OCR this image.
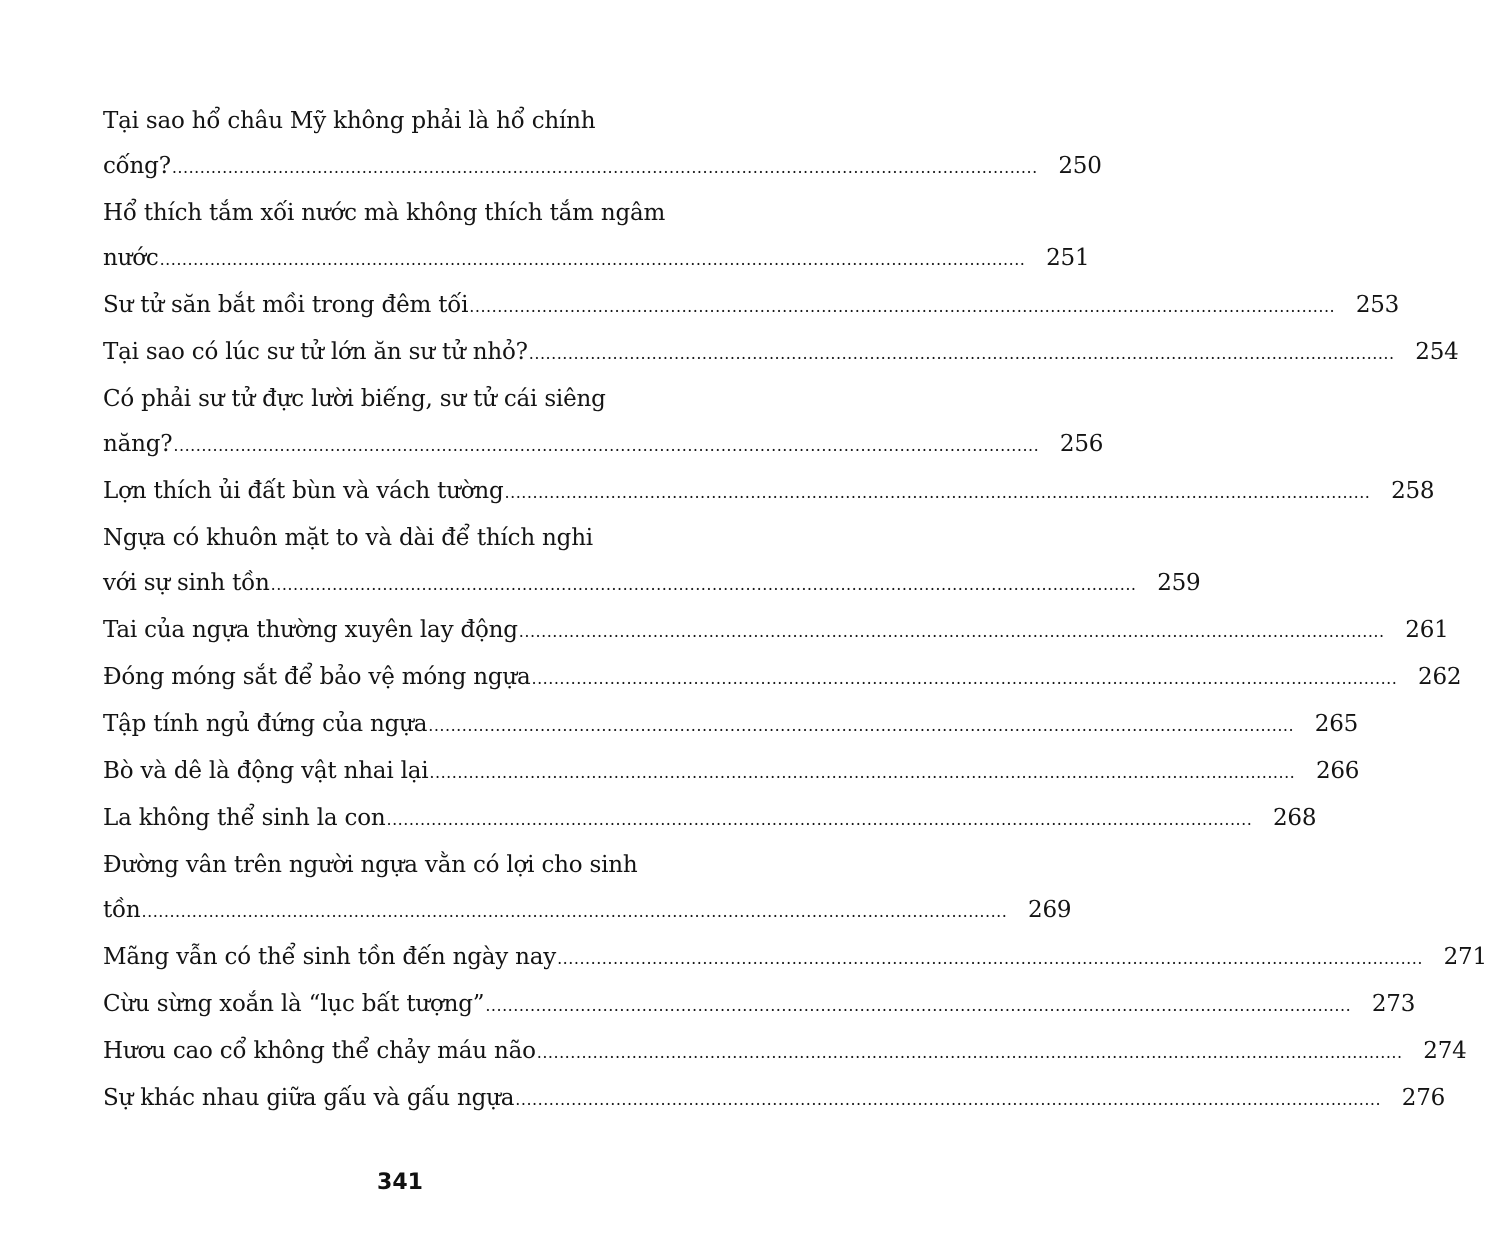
Tại sao hổ châu Mỹ không phải là hổ chính
cống? ........................................................................................................................................................... 250
Hổ thích tắm xối nước mà không thích tắm ngâm
nước ........................................................................................................................................................... 251
Sư tử săn bắt mồi trong đêm tối ........................................................................................................................................................... 253
Tại sao có lúc sư tử lớn ăn sư tử nhỏ? ........................................................................................................................................................... 254
Có phải sư tử đực lười biếng, sư tử cái siêng
năng? ........................................................................................................................................................... 256
Lợn thích ủi đất bùn và vách tường ........................................................................................................................................................... 258
Ngựa có khuôn mặt to và dài để thích nghi
với sự sinh tồn ........................................................................................................................................................... 259
Tai của ngựa thường xuyên lay động ........................................................................................................................................................... 261
Đóng móng sắt để bảo vệ móng ngựa ........................................................................................................................................................... 262
Tập tính ngủ đứng của ngựa ........................................................................................................................................................... 265
Bò và dê là động vật nhai lại ........................................................................................................................................................... 266
La không thể sinh la con ........................................................................................................................................................... 268
Đường vân trên người ngựa vằn có lợi cho sinh
tồn ........................................................................................................................................................... 269
Mãng vẫn có thể sinh tồn đến ngày nay ........................................................................................................................................................... 271
Cừu sừng xoắn là “lục bất tượng” ........................................................................................................................................................... 273
Hươu cao cổ không thể chảy máu não ........................................................................................................................................................... 274
Sự khác nhau giữa gấu và gấu ngựa ........................................................................................................................................................... 276
341
